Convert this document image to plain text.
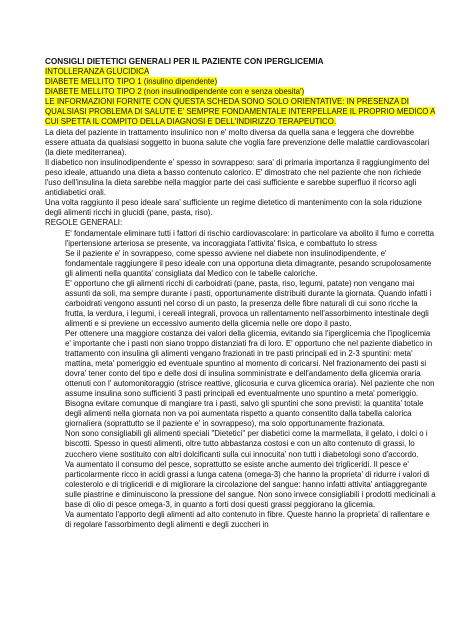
CONSIGLI DIETETICI GENERALI PER IL PAZIENTE CON IPERGLICEMIA

INTOLLERANZA GLUCIDICA

DIABETE MELLITO TIPO 1 (insulino dipendente)

DIABETE MELLITO TIPO 2 (non insulinodipendente con e senza obesita')

LE INFORMAZIONI FORNITE CON QUESTA SCHEDA SONO SOLO ORIENTATIVE: IN PRESENZA DI QUALSIASI PROBLEMA DI SALUTE E' SEMPRE FONDAMENTALE INTERPELLARE IL PROPRIO MEDICO A CUI SPETTA IL COMPITO DELLA DIAGNOSI E DELL'INDIRIZZO TERAPEUTICO.

La dieta del paziente in trattamento insulinico non e' molto diversa da quella sana e leggera che dovrebbe essere attuata da qualsiasi soggetto in buona salute che voglia fare prevenzione delle malattie cardiovascolari (la diete mediterranea).

Il diabetico non insulinodipendente e' spesso in sovrappeso: sara' di primaria importanza il raggiungimento del peso ideale, attuando una dieta a basso contenuto calorico. E' dimostrato che nel paziente che non richiede l'uso dell'insulina la dieta sarebbe nella maggior parte dei casi sufficiente e sarebbe superfluo il ricorso agli antidiabetici orali.

Una volta raggiunto il peso ideale sara' sufficiente un regime dietetico di mantenimento con la sola riduzione degli alimenti ricchi in glucidi (pane, pasta, riso).

REGOLE GENERALI:

E' fondamentale eliminare tutti i fattori di rischio cardiovascolare: in particolare va abolito il fumo e corretta l'ipertensione arteriosa se presente, va incoraggiata l'attivita' fisica, e combattuto lo stress

Se il paziente e' in sovrappeso, come spesso avviene nel diabete non insulinodipendente, e' fondamentale raggiungere il peso ideale con una opportuna dieta dimagrante, pesando scrupolosamente gli alimenti nella quantita' consigliata dal Medico con le tabelle caloriche.

E' opportuno che gli alimenti ricchi di carboidrati (pane, pasta, riso, legumi, patate) non vengano mai assunti da soli, ma sempre durante i pasti, opportunamente distribuiti durante la giornata. Quando infatti i carboidrati vengono assunti nel corso di un pasto, la presenza delle fibre naturali di cui sono ricche la frutta, la verdura, i legumi, i cereali integrali, provoca un rallentamento nell'assorbimento intestinale degli alimenti e si previene un eccessivo aumento della glicemia nelle ore dopo il pasto.

Per ottenere una maggiore costanza dei valori della glicemia, evitando sia l'iperglicemia che l'ipoglicemia e' importante che i pasti non siano troppo distanziati fra di loro. E' opportuno che nel paziente diabetico in trattamento con insulina gli alimenti vengano frazionati in tre pasti principali ed in 2-3 spuntini: meta' mattina, meta' pomeriggio ed eventuale spuntino al momento di coricarsi. Nel frazionamento dei pasti si dovra' tener conto del tipo e delle dosi di insulina somministrate e dell'andamento della glicemia oraria ottenuti con l' automonitoraggio (strisce reattive, glicosuria e curva glicemica oraria). Nel paziente che non assume insulina sono sufficienti 3 pasti principali ed eventualmente uno spuntino a meta' pomeriggio.

Bisogna evitare comunque di mangiare tra i pasti, salvo gli spuntini che sono previsti: la quantita' totale degli alimenti nella giornata non va poi aumentata rispetto a quanto consentito dalla tabella calorica giornaliera (soprattutto se il paziente e' in sovrappeso), ma solo opportunamente frazionata.

Non sono consigliabili gli alimenti speciali "Dietetici" per diabetici come la marmellata, il gelato, i dolci o i biscotti. Spesso in questi alimenti, oltre tutto abbastanza costosi e con un alto contenuto di grassi, lo zucchero viene sostituito con altri dolcificanti sulla cui innocuita' non tutti i diabetologi sono d'accordo.

Va aumentato il consumo del pesce, soprattutto se esiste anche aumento dei trigliceridi. Il pesce e' particolarmente ricco in acidi grassi a lunga catena (omega-3) che hanno la proprieta' di ridurre i valori di colesterolo e di trigliceridi e di migliorare la circolazione del sangue: hanno infatti attivita' antiaggregante sulle piastrine e diminuiscono la pressione del sangue. Non sono invece consigliabili i prodotti medicinali a base di olio di pesce omega-3, in quanto a forti dosi questi grassi peggiorano la glicemia.

Va aumentato l'apporto degli alimenti ad alto contenuto in fibre. Queste hanno la proprieta' di rallentare e di regolare l'assorbimento degli alimenti e degli zuccheri in
